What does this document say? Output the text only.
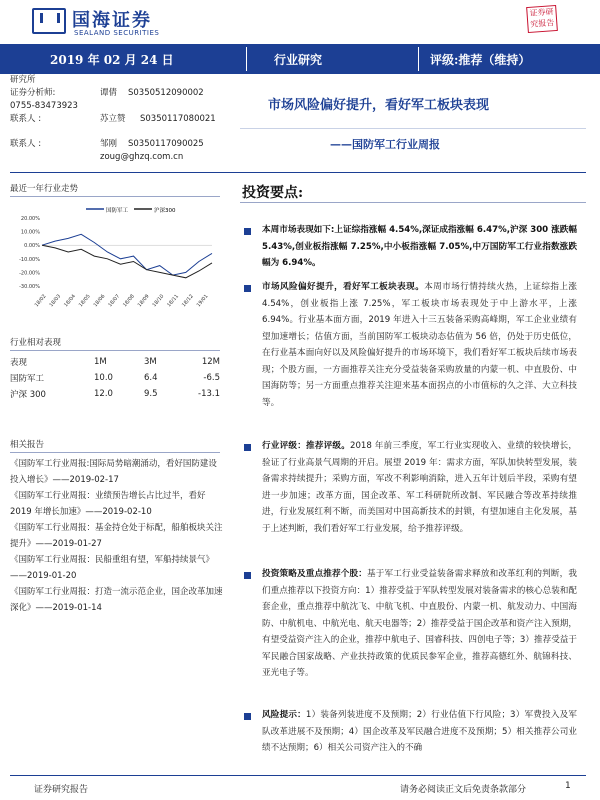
国海证券
SEALAND SECURITIES
证券研究报告
2019 年 02 月 24 日	行业研究	评级:推荐（维持）
研究所
证券分析师:	谭倩 S0350512090002
0755-83473923
联系人 :	苏立赞 S0350117080021
联系人 :	邹刚 S0350117090025
zoug@ghzq.com.cn
市场风险偏好提升，看好军工板块表现
——国防军工行业周报
最近一年行业走势
20.00%
10.00%
0.00%
-10.00%
-20.00%
-30.00%
18/02 18/03 18/04 18/05 18/06 18/07 18/08 18/09 18/10 18/11 18/12 19/01
国防军工	沪深300
行业相对表现
表现	1M	3M	12M
国防军工	10.0	6.4	-6.5
沪深 300	12.0	9.5	-13.1
相关报告
《国防军工行业周报:国际局势暗潮涌动，看好国防建设投入增长》——2019-02-17
《国防军工行业周报：业绩预告增长占比过半，看好 2019 年增长加速》——2019-02-10
《国防军工行业周报：基金持仓处于标配，船舶板块关注提升》——2019-01-27
《国防军工行业周报：民船重组有望，军船持续景气》——2019-01-20
《国防军工行业周报：打造一流示范企业，国企改革加速深化》——2019-01-14
投资要点:
本周市场表现如下:上证综指涨幅 4.54%,深证成指涨幅 6.47%,沪深 300 涨跌幅 5.43%,创业板指涨幅 7.25%,中小板指涨幅 7.05%,中万国防军工行业指数涨跌幅为 6.94%。
市场风险偏好提升，看好军工板块表现。本周市场行情持续火热，上证综指上涨 4.54%，创业板指上涨 7.25%，军工板块市场表现处于中上游水平，上涨 6.94%。行业基本面方面，2019 年进入十三五装备采购高峰期，军工企业业绩有望加速增长；估值方面，当前国防军工板块动态估值为 56 倍，仍处于历史低位，在行业基本面向好以及风险偏好提升的市场环境下，我们看好军工板块后续市场表现；个股方面，一方面推荐关注充分受益装备采购放量的内蒙一机、中直股份、中国海防等；另一方面重点推荐关注迎来基本面拐点的小市值标的久之洋、大立科技等。
行业评级：推荐评级。2018 年前三季度，军工行业实现收入、业绩的较快增长，验证了行业高景气周期的开启。展望 2019 年：需求方面，军队加快转型发展，装备需求持续提升；采购方面，军改不利影响消除，进入五年计划后半段，采购有望进一步加速；改革方面，国企改革、军工科研院所改制、军民融合等改革持续推进，行业发展红利不断，而美国对中国高新技术的封锁，有望加速自主化发展，基于上述判断，我们看好军工行业发展，给予推荐评级。
投资策略及重点推荐个股：基于军工行业受益装备需求释放和改革红利的判断，我们重点推荐以下投资方向：1）推荐受益于军队转型发展对装备需求的核心总装和配套企业，重点推荐中航沈飞、中航飞机、中直股份、内蒙一机、航发动力、中国海防、中航机电、中航光电、航天电器等；2）推荐受益于国企改革和资产注入预期，有望受益资产注入的企业，推荐中航电子、国睿科技、四创电子等；3）推荐受益于军民融合国家战略、产业扶持政策的优质民参军企业，推荐高德红外、航锦科技、亚光电子等。
风险提示：1）装备列装进度不及预期；2）行业估值下行风险；3）军费投入及军队改革进展不及预期；4）国企改革及军民融合进度不及预期；5）相关推荐公司业绩不达预期；6）相关公司资产注入的不确
证券研究报告	请务必阅读正文后免责条款部分	1
